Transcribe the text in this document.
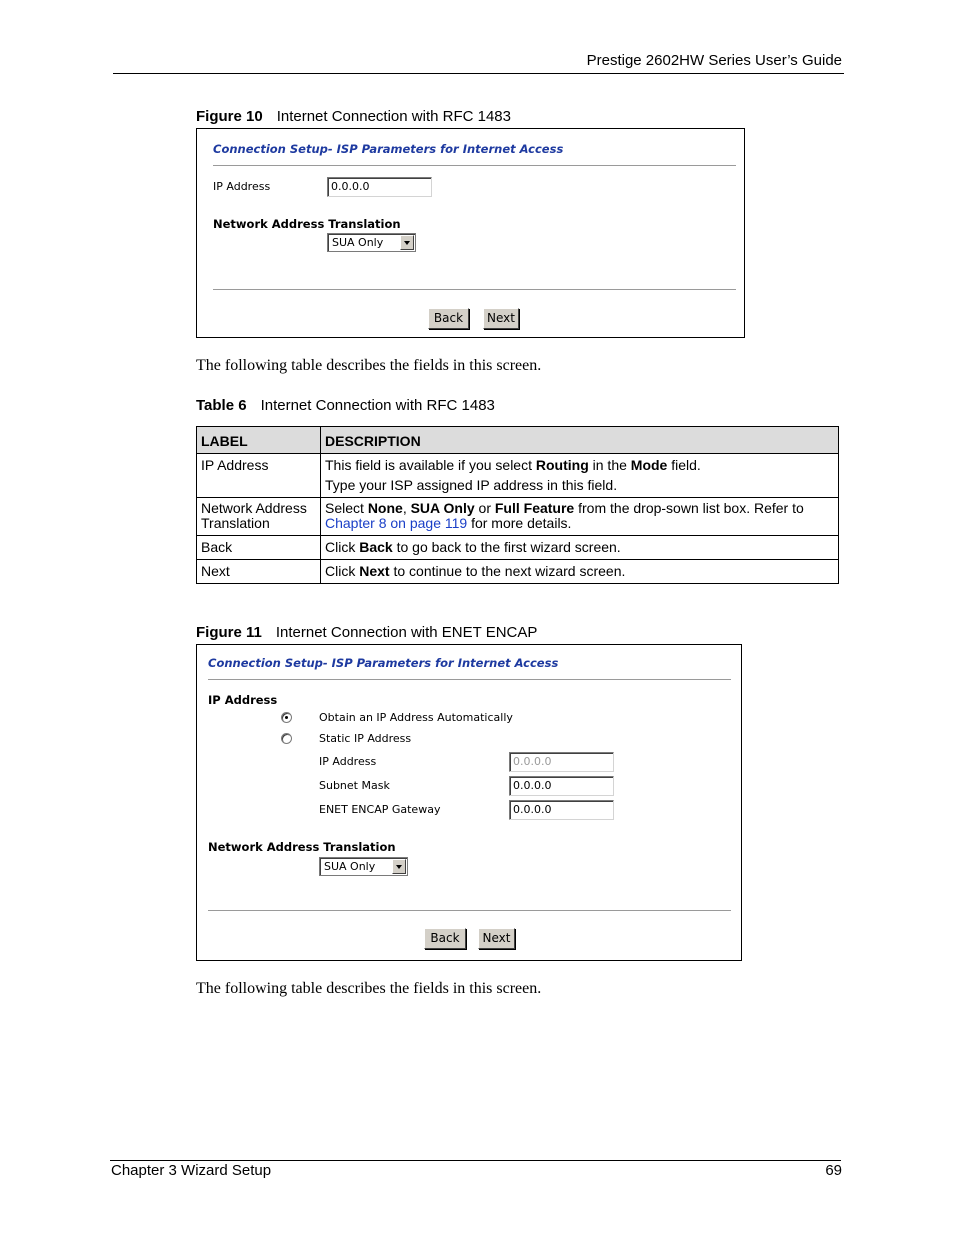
Prestige 2602HW Series User’s Guide
Figure 10 Internet Connection with RFC 1483
Connection Setup- ISP Parameters for Internet Access
IP Address	0.0.0.0
Network Address Translation
SUA Only
Back	Next
The following table describes the fields in this screen.
Table 6 Internet Connection with RFC 1483
LABEL	DESCRIPTION
IP Address	This field is available if you select Routing in the Mode field.
Type your ISP assigned IP address in this field.

Network Address Translation	Select None, SUA Only or Full Feature from the drop-sown list box. Refer to Chapter 8 on page 119 for more details.
Back	Click Back to go back to the first wizard screen.
Next	Click Next to continue to the next wizard screen.
Figure 11 Internet Connection with ENET ENCAP
Connection Setup- ISP Parameters for Internet Access
IP Address
Obtain an IP Address Automatically
Static IP Address
IP Address	0.0.0.0
Subnet Mask	0.0.0.0
ENET ENCAP Gateway	0.0.0.0
Network Address Translation
SUA Only
Back	Next
The following table describes the fields in this screen.
Chapter 3 Wizard Setup	69
